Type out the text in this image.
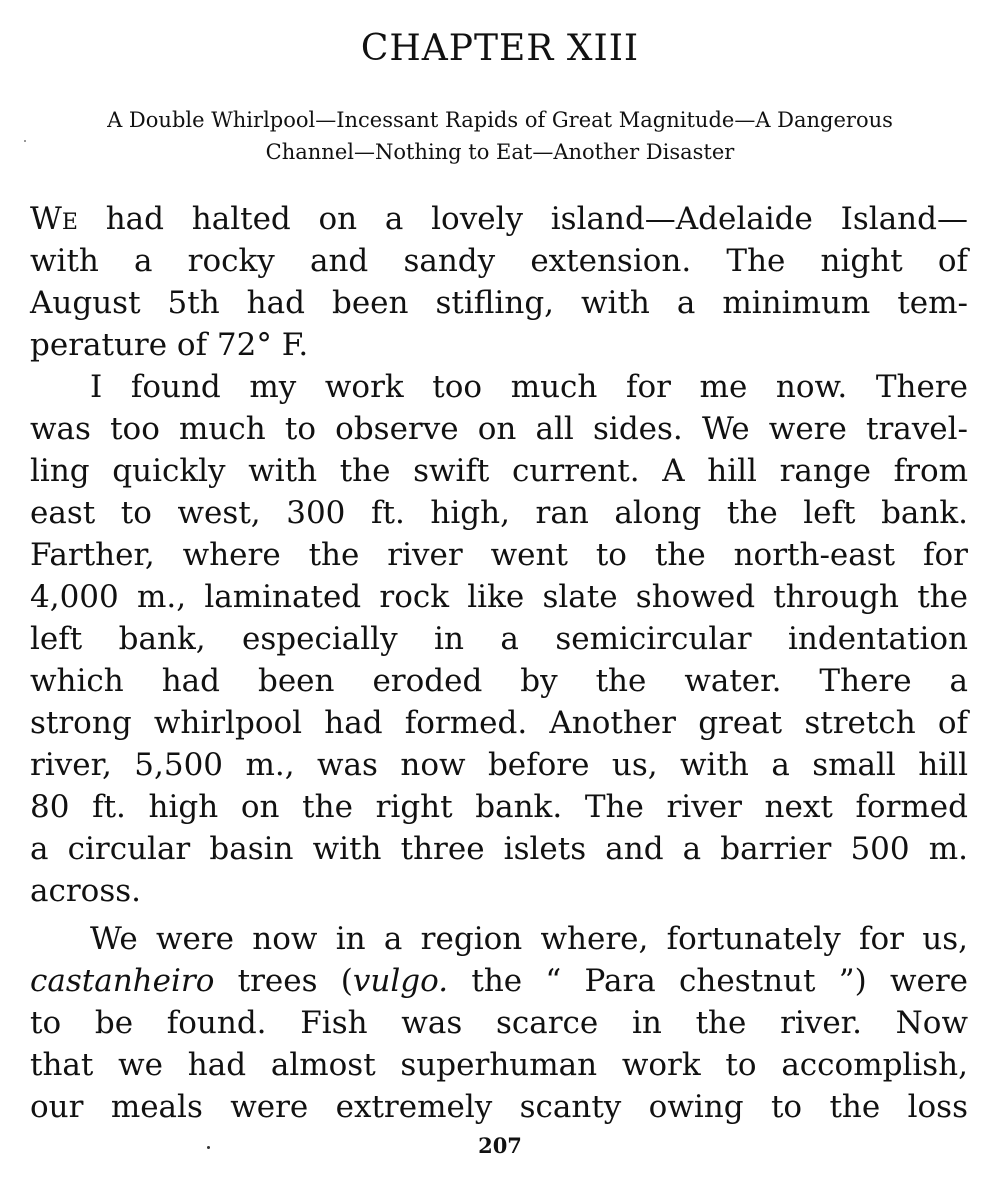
CHAPTER XIII
A Double Whirlpool—Incessant Rapids of Great Magnitude—A Dangerous
Channel—Nothing to Eat—Another Disaster
We had halted on a lovely island—Adelaide Island—
with a rocky and sandy extension. The night of
August 5th had been stifling, with a minimum tem-
perature of 72° F.
I found my work too much for me now. There
was too much to observe on all sides. We were travel-
ling quickly with the swift current. A hill range from
east to west, 300 ft. high, ran along the left bank.
Farther, where the river went to the north-east for
4,000 m., laminated rock like slate showed through the
left bank, especially in a semicircular indentation
which had been eroded by the water. There a
strong whirlpool had formed. Another great stretch of
river, 5,500 m., was now before us, with a small hill
80 ft. high on the right bank. The river next formed
a circular basin with three islets and a barrier 500 m.
across.
We were now in a region where, fortunately for us,
castanheiro trees (vulgo. the “ Para chestnut ”) were
to be found. Fish was scarce in the river. Now
that we had almost superhuman work to accomplish,
our meals were extremely scanty owing to the loss
207
